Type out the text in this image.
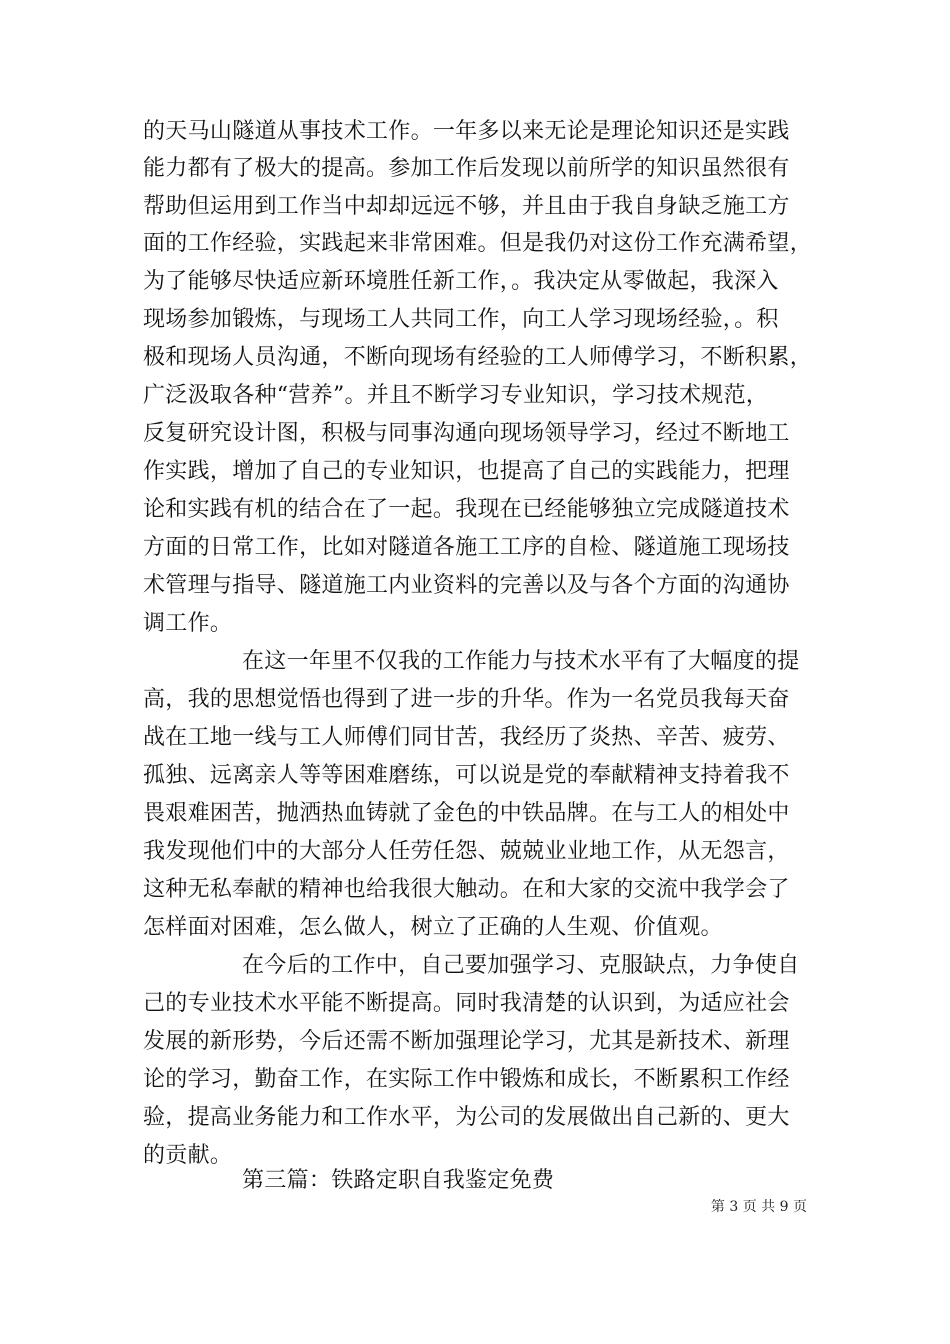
的天马山隧道从事技术工作。一年多以来无论是理论知识还是实践
能力都有了极大的提高。参加工作后发现以前所学的知识虽然很有
帮助但运用到工作当中却却远远不够，并且由于我自身缺乏施工方
面的工作经验，实践起来非常困难。但是我仍对这份工作充满希望，
为了能够尽快适应新环境胜任新工作，。我决定从零做起，我深入
现场参加锻炼，与现场工人共同工作，向工人学习现场经验，。积
极和现场人员沟通，不断向现场有经验的工人师傅学习，不断积累，
广泛汲取各种“营养”。并且不断学习专业知识，学习技术规范，
反复研究设计图，积极与同事沟通向现场领导学习，经过不断地工
作实践，增加了自己的专业知识，也提高了自己的实践能力，把理
论和实践有机的结合在了一起。我现在已经能够独立完成隧道技术
方面的日常工作，比如对隧道各施工工序的自检、隧道施工现场技
术管理与指导、隧道施工内业资料的完善以及与各个方面的沟通协
调工作。
在这一年里不仅我的工作能力与技术水平有了大幅度的提
高，我的思想觉悟也得到了进一步的升华。作为一名党员我每天奋
战在工地一线与工人师傅们同甘苦，我经历了炎热、辛苦、疲劳、
孤独、远离亲人等等困难磨练，可以说是党的奉献精神支持着我不
畏艰难困苦，抛洒热血铸就了金色的中铁品牌。在与工人的相处中
我发现他们中的大部分人任劳任怨、兢兢业业地工作，从无怨言，
这种无私奉献的精神也给我很大触动。在和大家的交流中我学会了
怎样面对困难，怎么做人，树立了正确的人生观、价值观。
在今后的工作中，自己要加强学习、克服缺点，力争使自
己的专业技术水平能不断提高。同时我清楚的认识到，为适应社会
发展的新形势，今后还需不断加强理论学习，尤其是新技术、新理
论的学习，勤奋工作，在实际工作中锻炼和成长，不断累积工作经
验，提高业务能力和工作水平，为公司的发展做出自己新的、更大
的贡献。
第三篇：铁路定职自我鉴定免费
第 3 页 共 9 页
